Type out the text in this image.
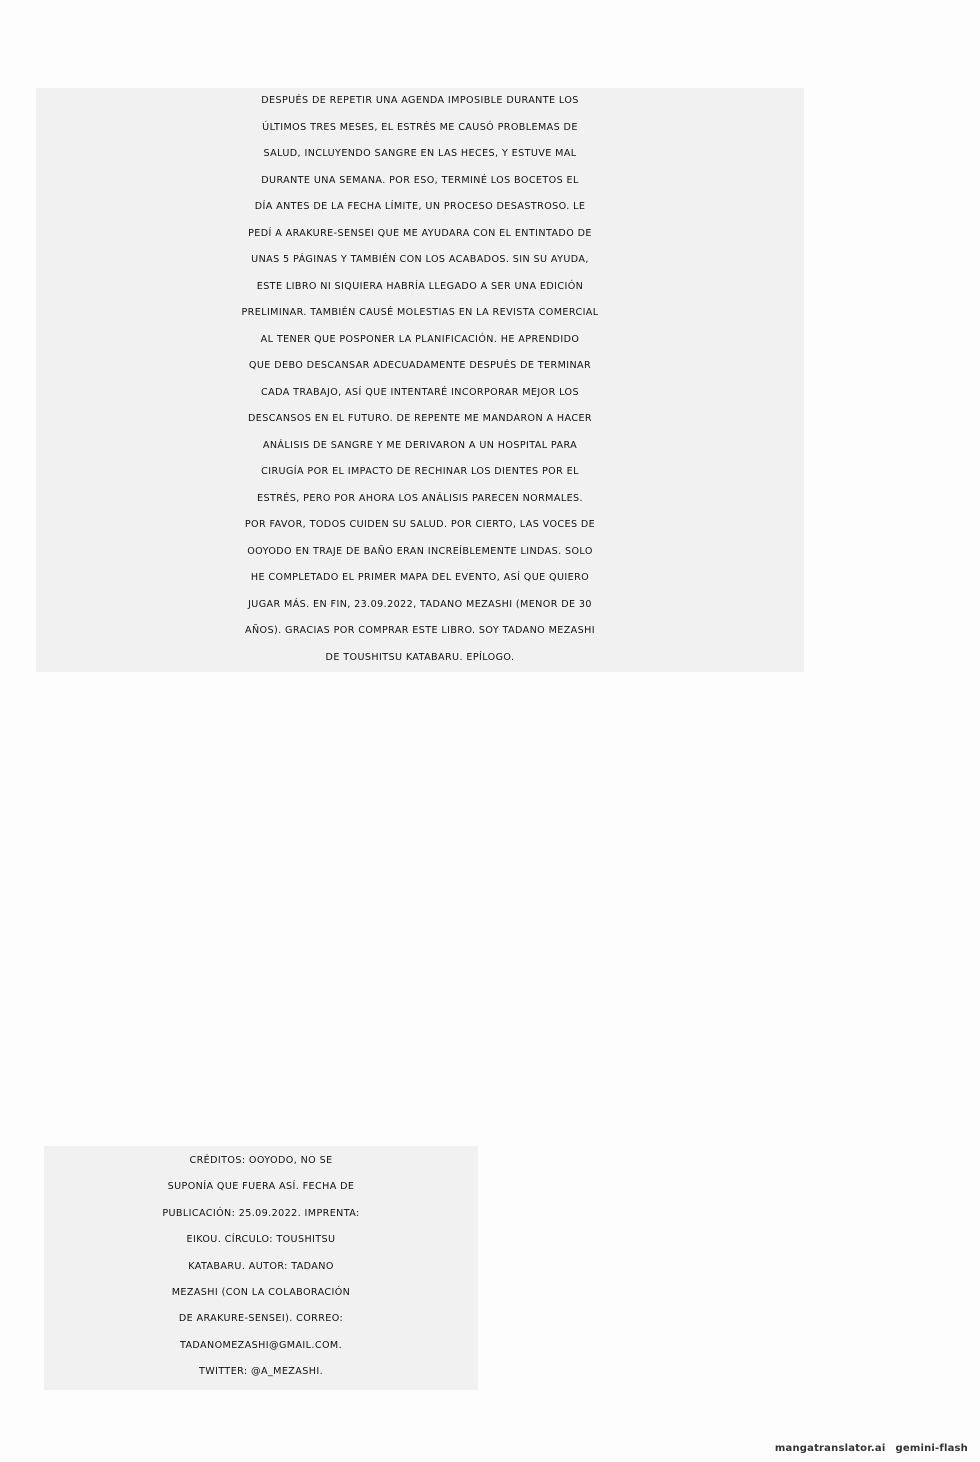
DESPUÉS DE REPETIR UNA AGENDA IMPOSIBLE DURANTE LOS
ÚLTIMOS TRES MESES, EL ESTRÉS ME CAUSÓ PROBLEMAS DE
SALUD, INCLUYENDO SANGRE EN LAS HECES, Y ESTUVE MAL
DURANTE UNA SEMANA. POR ESO, TERMINÉ LOS BOCETOS EL
DÍA ANTES DE LA FECHA LÍMITE, UN PROCESO DESASTROSO. LE
PEDÍ A ARAKURE-SENSEI QUE ME AYUDARA CON EL ENTINTADO DE
UNAS 5 PÁGINAS Y TAMBIÉN CON LOS ACABADOS. SIN SU AYUDA,
ESTE LIBRO NI SIQUIERA HABRÍA LLEGADO A SER UNA EDICIÓN
PRELIMINAR. TAMBIÉN CAUSÉ MOLESTIAS EN LA REVISTA COMERCIAL
AL TENER QUE POSPONER LA PLANIFICACIÓN. HE APRENDIDO
QUE DEBO DESCANSAR ADECUADAMENTE DESPUÉS DE TERMINAR
CADA TRABAJO, ASÍ QUE INTENTARÉ INCORPORAR MEJOR LOS
DESCANSOS EN EL FUTURO. DE REPENTE ME MANDARON A HACER
ANÁLISIS DE SANGRE Y ME DERIVARON A UN HOSPITAL PARA
CIRUGÍA POR EL IMPACTO DE RECHINAR LOS DIENTES POR EL
ESTRÉS, PERO POR AHORA LOS ANÁLISIS PARECEN NORMALES.
POR FAVOR, TODOS CUIDEN SU SALUD. POR CIERTO, LAS VOCES DE
OOYODO EN TRAJE DE BAÑO ERAN INCREÍBLEMENTE LINDAS. SOLO
HE COMPLETADO EL PRIMER MAPA DEL EVENTO, ASÍ QUE QUIERO
JUGAR MÁS. EN FIN, 23.09.2022, TADANO MEZASHI (MENOR DE 30
AÑOS). GRACIAS POR COMPRAR ESTE LIBRO. SOY TADANO MEZASHI
DE TOUSHITSU KATABARU. EPÍLOGO.
CRÉDITOS: OOYODO, NO SE
SUPONÍA QUE FUERA ASÍ. FECHA DE
PUBLICACIÓN: 25.09.2022. IMPRENTA:
EIKOU. CÍRCULO: TOUSHITSU
KATABARU. AUTOR: TADANO
MEZASHI (CON LA COLABORACIÓN
DE ARAKURE-SENSEI). CORREO:
TADANOMEZASHI@GMAIL.COM.
TWITTER: @A_MEZASHI.
mangatranslator.ai gemini-flash
